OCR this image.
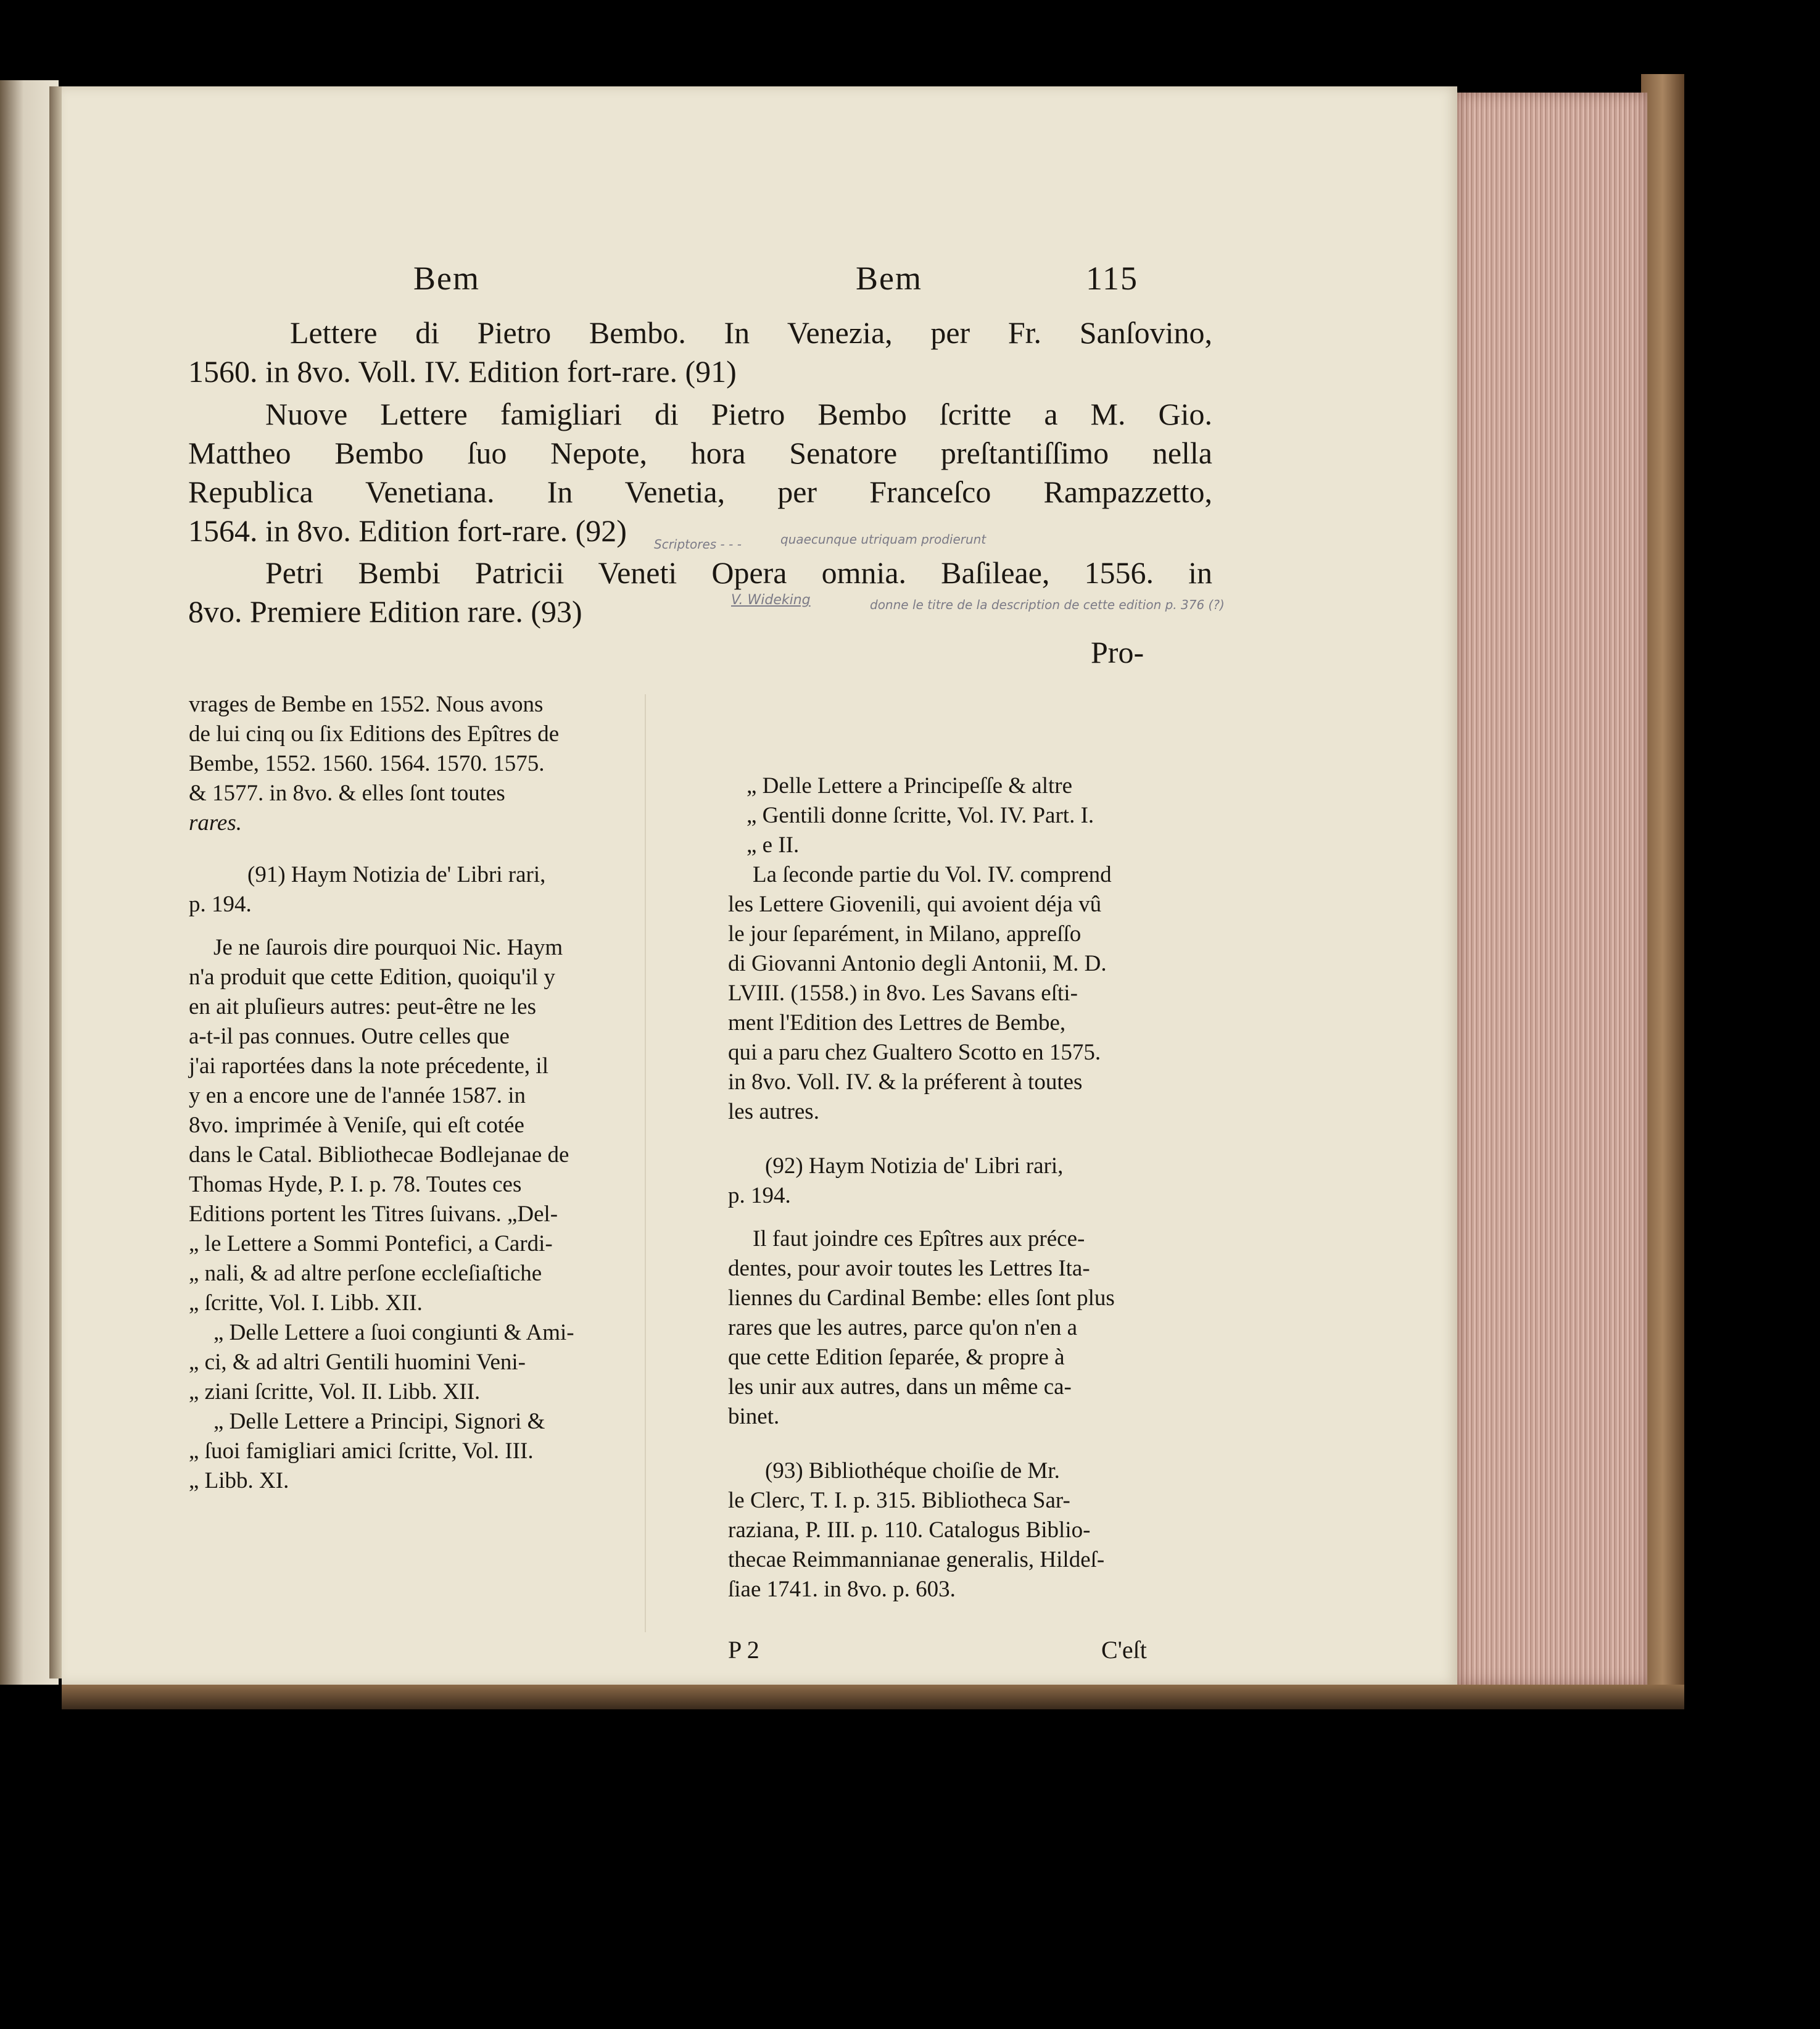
Bem	Bem	115
Lettere di Pietro Bembo. In Venezia, per Fr. Sanſovino,
1560. in 8vo. Voll. IV. Edition fort-rare. (91)
Nuove Lettere famigliari di Pietro Bembo ſcritte a M. Gio.
Mattheo Bembo ſuo Nepote, hora Senatore preſtantiſſimo nella
Republica Venetiana. In Venetia, per Franceſco Rampazzetto,
1564. in 8vo. Edition fort-rare. (92)
Petri Bembi Patricii Veneti Opera omnia. Baſileae, 1556. in
8vo. Premiere Edition rare. (93)
Pro-
Scriptores - - -	quaecunque utriquam prodierunt
V. Wideking	donne le titre de la description de cette edition p. 376 (?)
vrages de Bembe en 1552. Nous avons
de lui cinq ou ſix Editions des Epîtres de
Bembe, 1552. 1560. 1564. 1570. 1575.
& 1577. in 8vo. & elles ſont toutes
rares.
(91) Haym Notizia de' Libri rari,
p. 194.
Je ne ſaurois dire pourquoi Nic. Haym
n'a produit que cette Edition, quoiqu'il y
en ait pluſieurs autres: peut-être ne les
a-t-il pas connues. Outre celles que
j'ai raportées dans la note précedente, il
y en a encore une de l'année 1587. in
8vo. imprimée à Veniſe, qui eſt cotée
dans le Catal. Bibliothecae Bodlejanae de
Thomas Hyde, P. I. p. 78. Toutes ces
Editions portent les Titres ſuivans. „Del-
„ le Lettere a Sommi Pontefici, a Cardi-
„ nali, & ad altre perſone eccleſiaſtiche
„ ſcritte, Vol. I. Libb. XII.
„ Delle Lettere a ſuoi congiunti & Ami-
„ ci, & ad altri Gentili huomini Veni-
„ ziani ſcritte, Vol. II. Libb. XII.
„ Delle Lettere a Principi, Signori &
„ ſuoi famigliari amici ſcritte, Vol. III.
„ Libb. XI.
„ Delle Lettere a Principeſſe & altre
„ Gentili donne ſcritte, Vol. IV. Part. I.
„ e II.
La ſeconde partie du Vol. IV. comprend
les Lettere Giovenili, qui avoient déja vû
le jour ſeparément, in Milano, appreſſo
di Giovanni Antonio degli Antonii, M. D.
LVIII. (1558.) in 8vo. Les Savans eſti-
ment l'Edition des Lettres de Bembe,
qui a paru chez Gualtero Scotto en 1575.
in 8vo. Voll. IV. & la préferent à toutes
les autres.
(92) Haym Notizia de' Libri rari,
p. 194.
Il faut joindre ces Epîtres aux préce-
dentes, pour avoir toutes les Lettres Ita-
liennes du Cardinal Bembe: elles ſont plus
rares que les autres, parce qu'on n'en a
que cette Edition ſeparée, & propre à
les unir aux autres, dans un même ca-
binet.
(93) Bibliothéque choiſie de Mr.
le Clerc, T. I. p. 315. Bibliotheca Sar-
raziana, P. III. p. 110. Catalogus Biblio-
thecae Reimmannianae generalis, Hildeſ-
ſiae 1741. in 8vo. p. 603.
P 2	C'eſt
